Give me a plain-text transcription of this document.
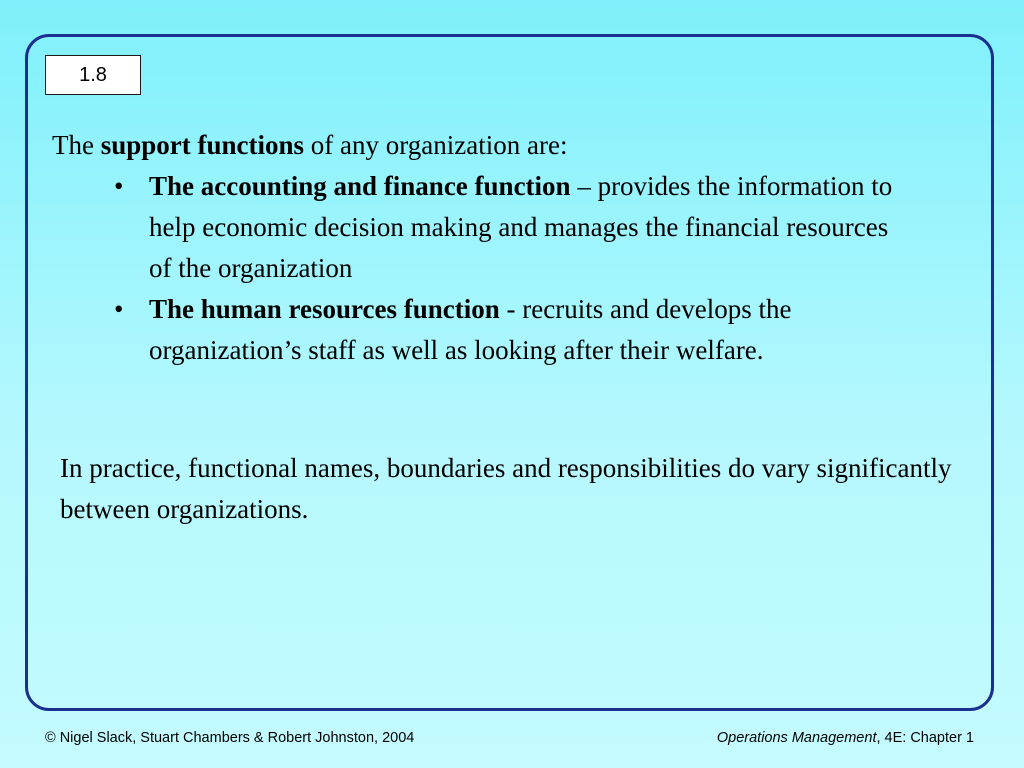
1.8
The support functions of any organization are:
• The accounting and finance function – provides the information to help economic decision making and manages the financial resources of the organization
• The human resources function - recruits and develops the organization’s staff as well as looking after their welfare.
In practice, functional names, boundaries and responsibilities do vary significantly between organizations.
© Nigel Slack, Stuart Chambers & Robert Johnston, 2004	Operations Management, 4E: Chapter 1
